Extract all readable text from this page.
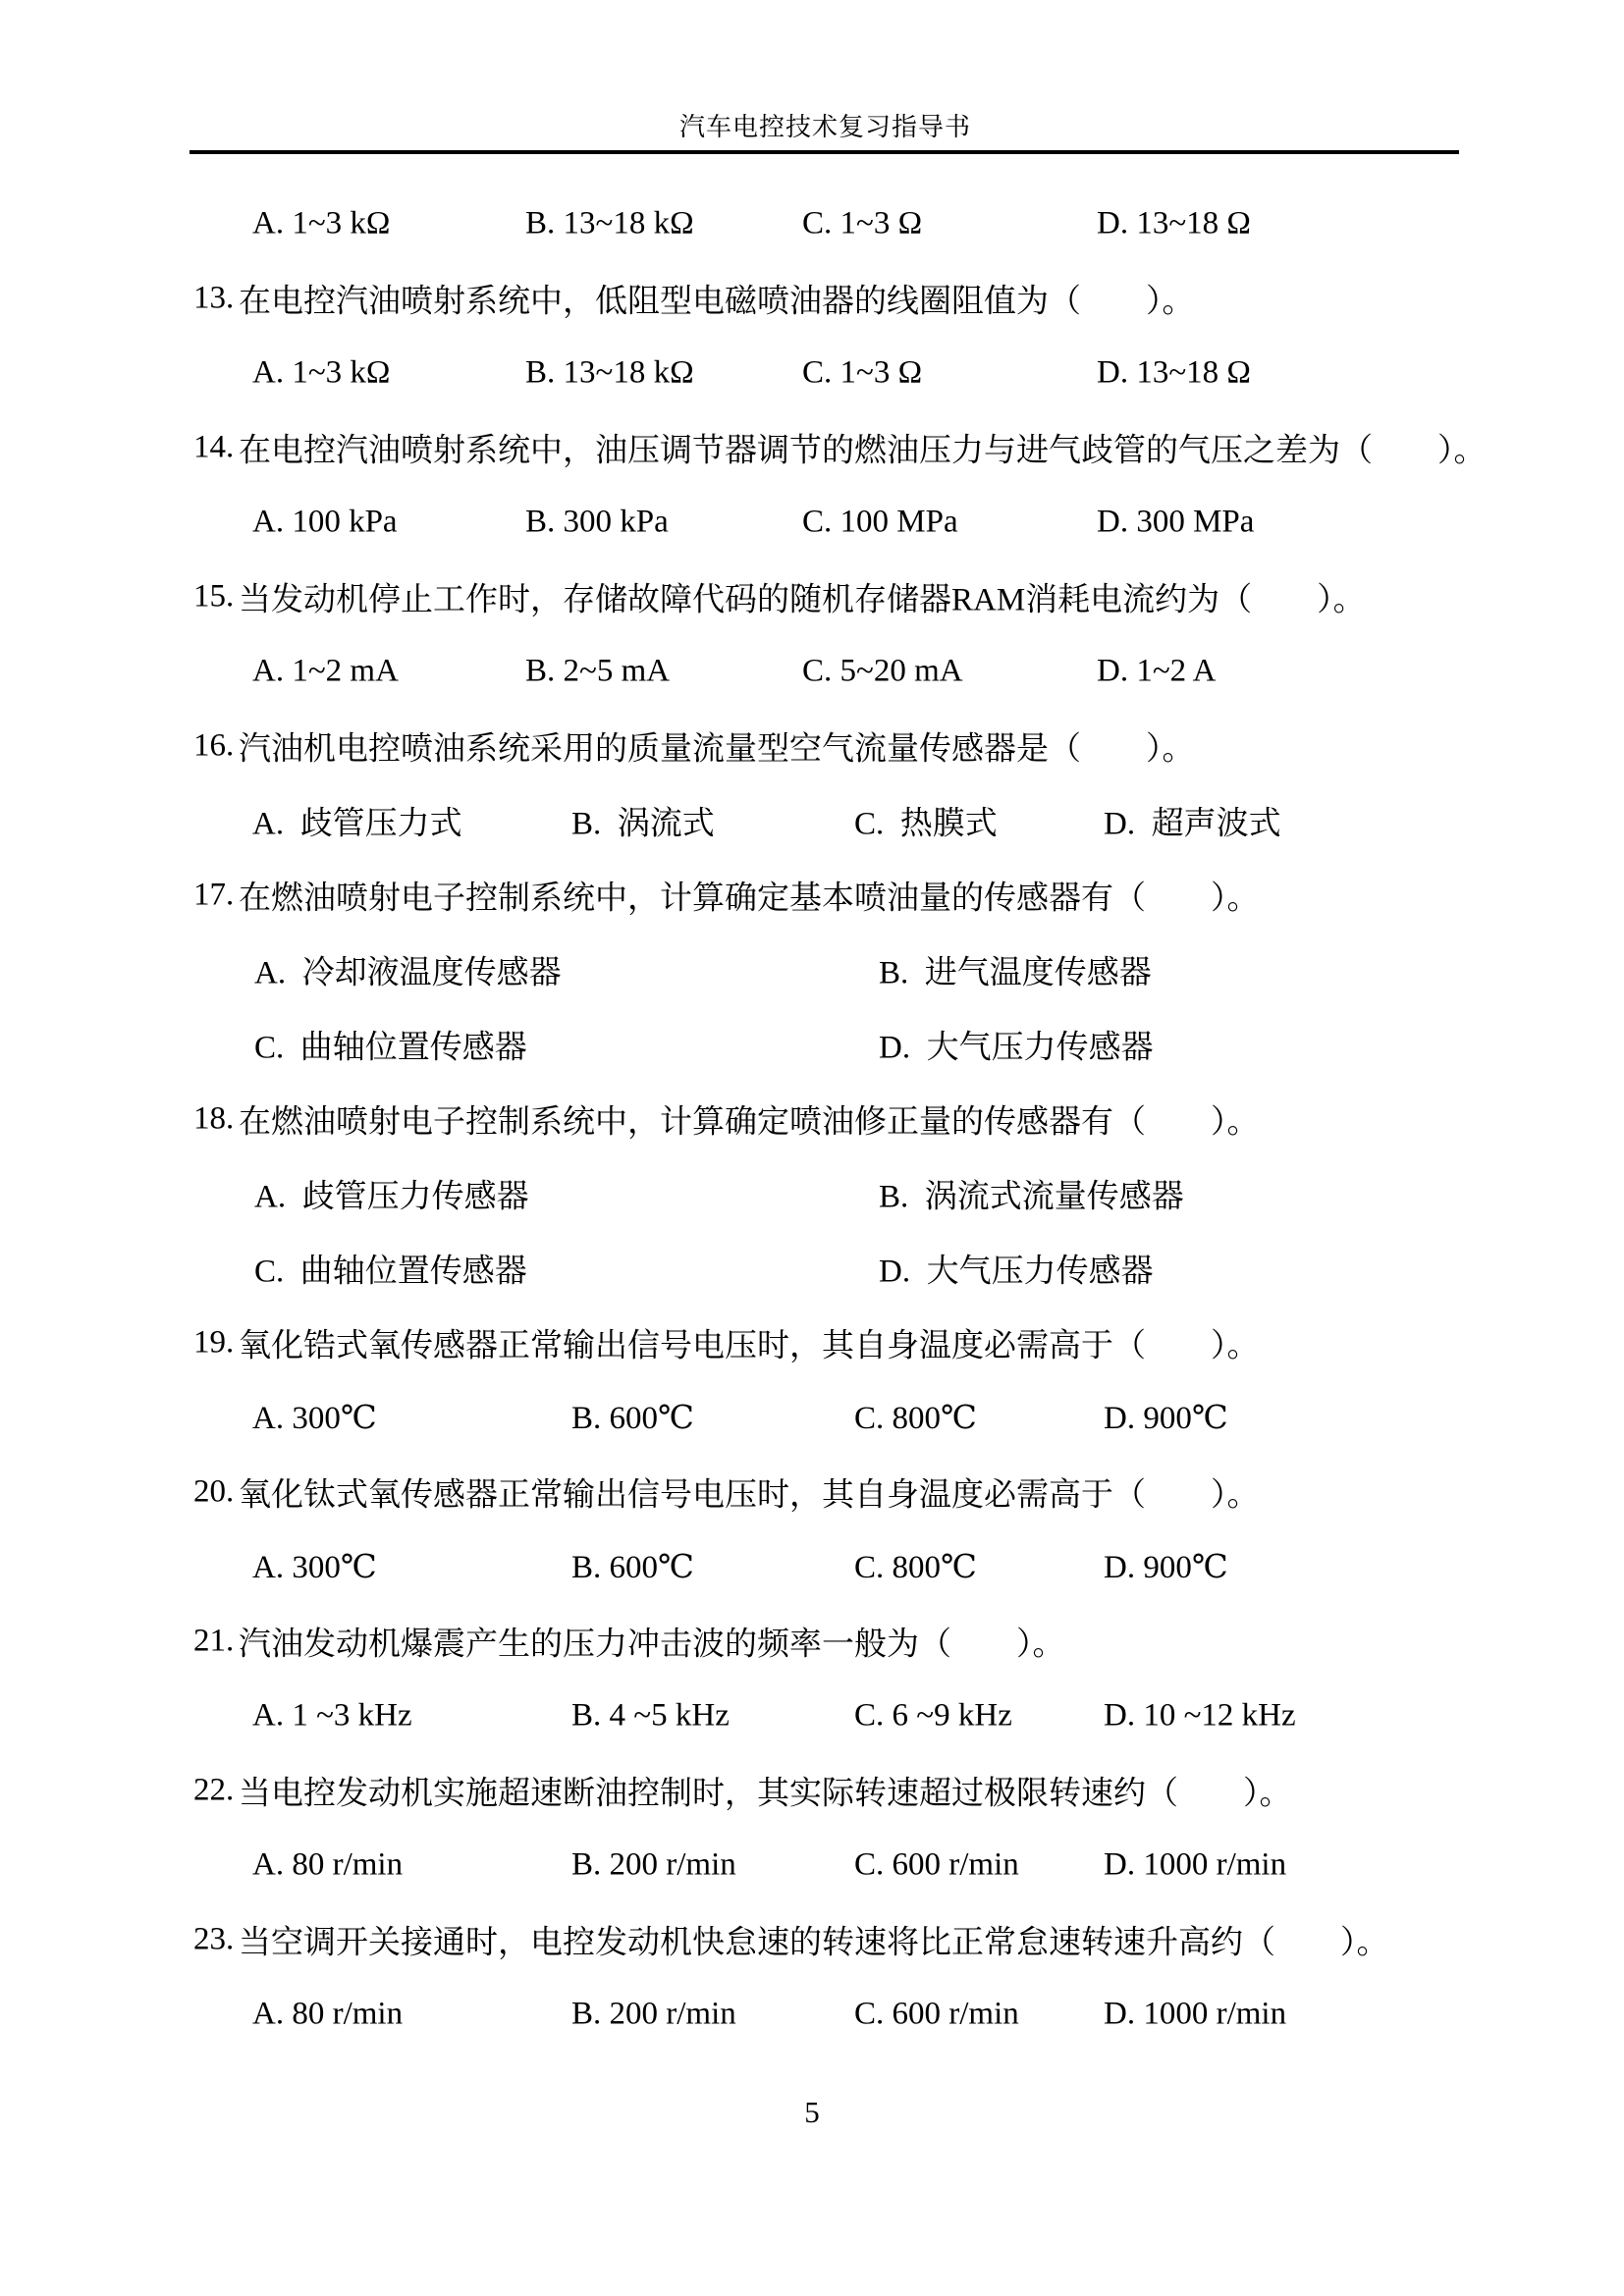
汽车电控技术复习指导书
A. 1~3 kΩ	B. 13~18 kΩ	C. 1~3 Ω	D. 13~18 Ω
13. 在电控汽油喷射系统中，低阻型电磁喷油器的线圈阻值为（　　）。
A. 1~3 kΩ	B. 13~18 kΩ	C. 1~3 Ω	D. 13~18 Ω
14. 在电控汽油喷射系统中，油压调节器调节的燃油压力与进气歧管的气压之差为（　　）。
A. 100 kPa	B. 300 kPa	C. 100 MPa	D. 300 MPa
15. 当发动机停止工作时，存储故障代码的随机存储器RAM消耗电流约为（　　）。
A. 1~2 mA	B. 2~5 mA	C. 5~20 mA	D. 1~2 A
16. 汽油机电控喷油系统采用的质量流量型空气流量传感器是（　　）。
A.  歧管压力式	B.  涡流式	C.  热膜式	D.  超声波式
17. 在燃油喷射电子控制系统中，计算确定基本喷油量的传感器有（　　）。
A.  冷却液温度传感器	B.  进气温度传感器
C.  曲轴位置传感器	D.  大气压力传感器
18. 在燃油喷射电子控制系统中，计算确定喷油修正量的传感器有（　　）。
A.  歧管压力传感器	B.  涡流式流量传感器
C.  曲轴位置传感器	D.  大气压力传感器
19. 氧化锆式氧传感器正常输出信号电压时，其自身温度必需高于（　　）。
A. 300℃	B. 600℃	C. 800℃	D. 900℃
20. 氧化钛式氧传感器正常输出信号电压时，其自身温度必需高于（　　）。
A. 300℃	B. 600℃	C. 800℃	D. 900℃
21. 汽油发动机爆震产生的压力冲击波的频率一般为（　　）。
A. 1 ~3 kHz	B. 4 ~5 kHz	C. 6 ~9 kHz	D. 10 ~12 kHz
22. 当电控发动机实施超速断油控制时，其实际转速超过极限转速约（　　）。
A. 80 r/min	B. 200 r/min	C. 600 r/min	D. 1000 r/min
23. 当空调开关接通时，电控发动机快怠速的转速将比正常怠速转速升高约（　　）。
A. 80 r/min	B. 200 r/min	C. 600 r/min	D. 1000 r/min
5
